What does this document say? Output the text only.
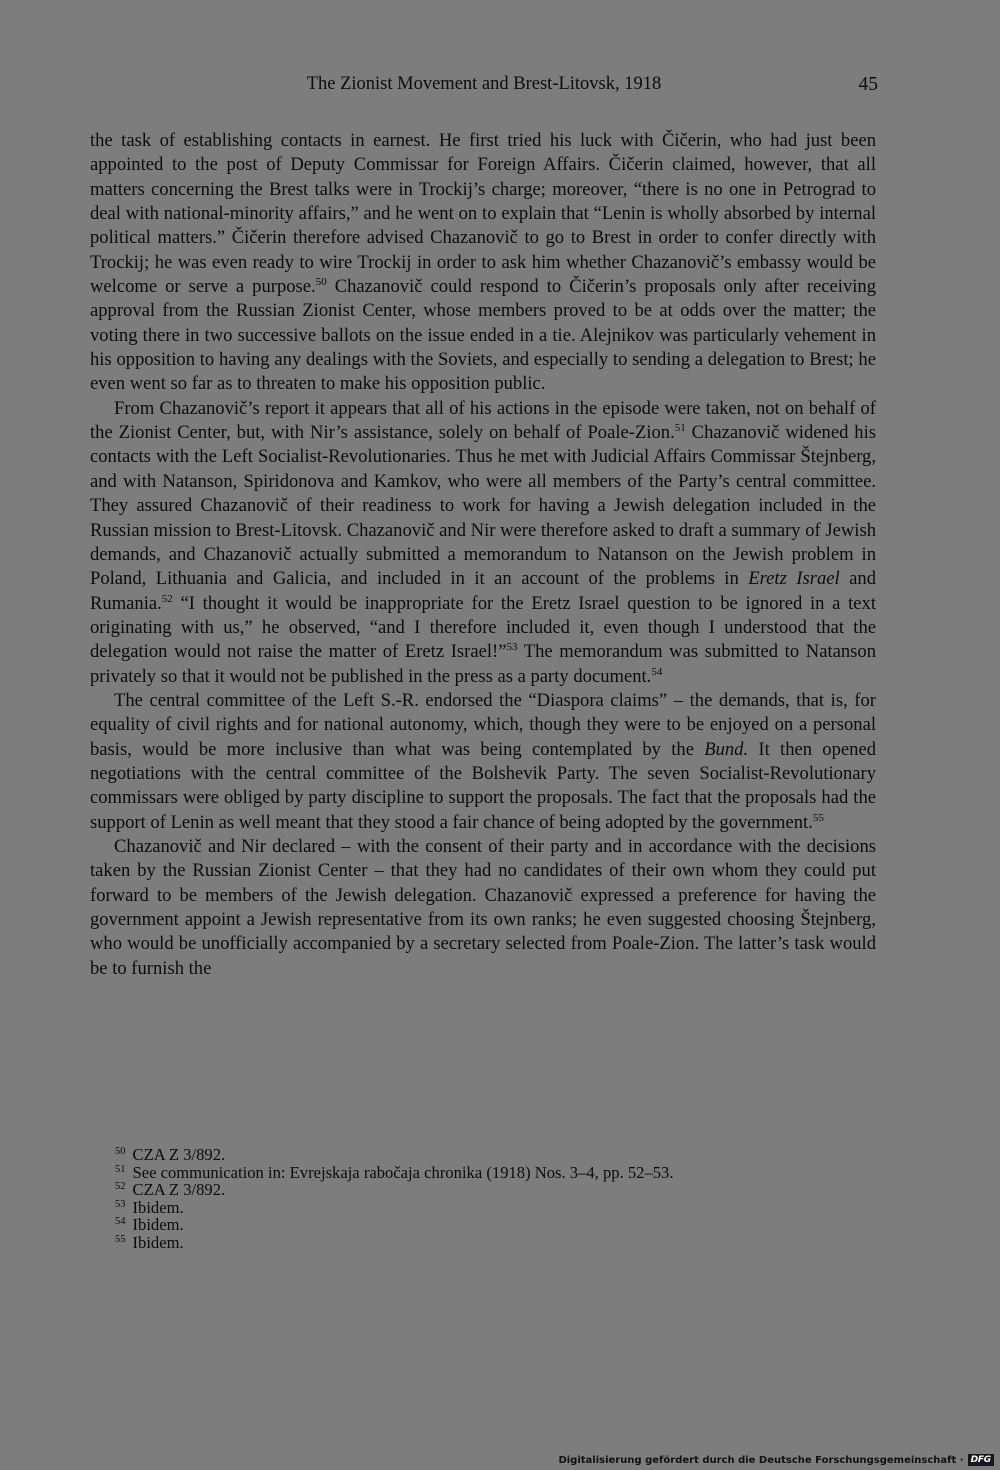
The Zionist Movement and Brest-Litovsk, 1918	45

the task of establishing contacts in earnest. He first tried his luck with Čičerin, who had just been appointed to the post of Deputy Commissar for Foreign Affairs. Čičerin claimed, however, that all matters concerning the Brest talks were in Trockij’s charge; moreover, “there is no one in Petrograd to deal with national-minority affairs,” and he went on to explain that “Lenin is wholly absorbed by internal political matters.” Čičerin therefore advised Chazanovič to go to Brest in order to confer directly with Trockij; he was even ready to wire Trockij in order to ask him whether Chazanovič’s embassy would be welcome or serve a purpose.$^{50}$ Chazanovič could respond to Čičerin’s proposals only after receiving approval from the Russian Zionist Center, whose members proved to be at odds over the matter; the voting there in two successive ballots on the issue ended in a tie. Alejnikov was particularly vehement in his opposition to having any dealings with the Soviets, and especially to sending a delegation to Brest; he even went so far as to threaten to make his opposition public.

From Chazanovič’s report it appears that all of his actions in the episode were taken, not on behalf of the Zionist Center, but, with Nir’s assistance, solely on behalf of Poale-Zion.$^{51}$ Chazanovič widened his contacts with the Left Socialist-Revolutionaries. Thus he met with Judicial Affairs Commissar Štejnberg, and with Natanson, Spiridonova and Kamkov, who were all members of the Party’s central committee. They assured Chazanovič of their readiness to work for having a Jewish delegation included in the Russian mission to Brest-Litovsk. Chazanovič and Nir were therefore asked to draft a summary of Jewish demands, and Chazanovič actually submitted a memorandum to Natanson on the Jewish problem in Poland, Lithuania and Galicia, and included in it an account of the problems in Eretz Israel and Rumania.$^{52}$ “I thought it would be inappropriate for the Eretz Israel question to be ignored in a text originating with us,” he observed, “and I therefore included it, even though I understood that the delegation would not raise the matter of Eretz Israel!”$^{53}$ The memorandum was submitted to Natanson privately so that it would not be published in the press as a party document.$^{54}$

The central committee of the Left S.-R. endorsed the “Diaspora claims” – the demands, that is, for equality of civil rights and for national autonomy, which, though they were to be enjoyed on a personal basis, would be more inclusive than what was being contemplated by the Bund. It then opened negotiations with the central committee of the Bolshevik Party. The seven Socialist-Revolutionary commissars were obliged by party discipline to support the proposals. The fact that the proposals had the support of Lenin as well meant that they stood a fair chance of being adopted by the government.$^{55}$

Chazanovič and Nir declared – with the consent of their party and in accordance with the decisions taken by the Russian Zionist Center – that they had no candidates of their own whom they could put forward to be members of the Jewish delegation. Chazanovič expressed a preference for having the government appoint a Jewish representative from its own ranks; he even suggested choosing Štejnberg, who would be unofficially accompanied by a secretary selected from Poale-Zion. The latter’s task would be to furnish the

$^{50}$ CZA Z 3/892.
$^{51}$ See communication in: Evrejskaja rabočaja chronika (1918) Nos. 3–4, pp. 52–53.
$^{52}$ CZA Z 3/892.
$^{53}$ Ibidem.
$^{54}$ Ibidem.
$^{55}$ Ibidem.
Digitalisierung gefördert durch die Deutsche Forschungsgemeinschaft · DFG
